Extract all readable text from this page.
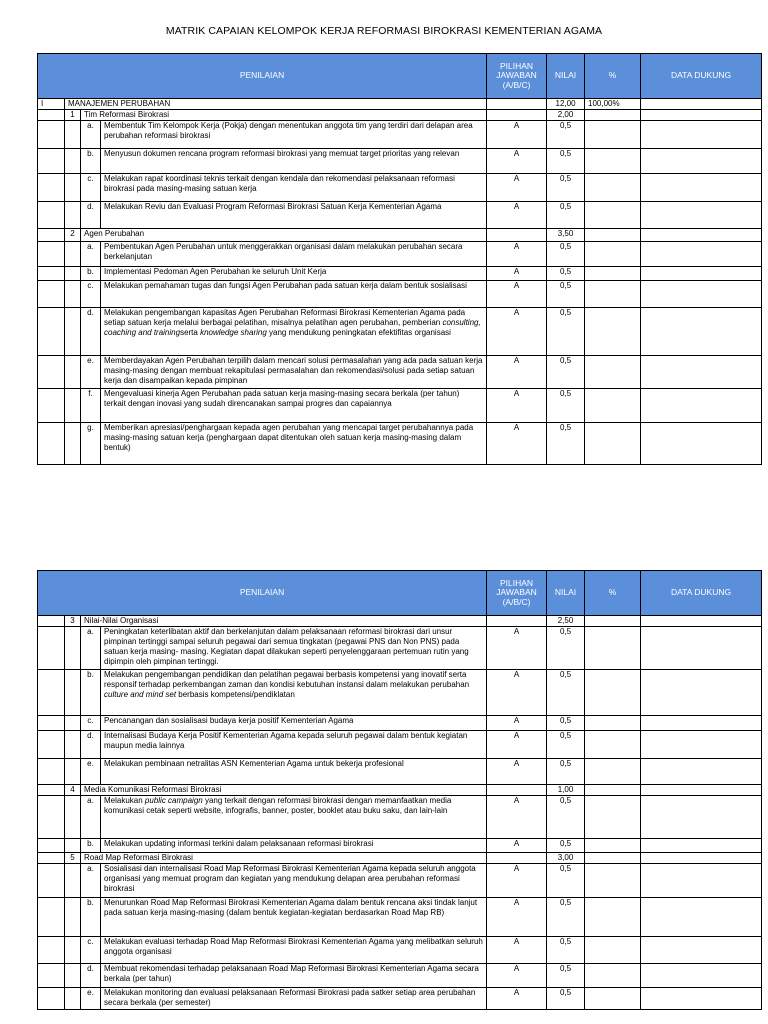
MATRIK CAPAIAN KELOMPOK KERJA REFORMASI BIROKRASI KEMENTERIAN AGAMA
PENILAIAN				PILIHAN JAWABAN (A/B/C)	NILAI	%	DATA DUKUNG
I	MANAJEMEN PERUBAHAN				12,00	100,00%	
	1	Tim Reformasi Birokrasi			2,00		
		a.	Membentuk Tim Kelompok Kerja (Pokja) dengan menentukan anggota tim yang terdiri dari delapan area perubahan reformasi birokrasi	A	0,5		
		b.	Menyusun dokumen rencana program reformasi birokrasi yang memuat target prioritas yang relevan	A	0,5		
		c.	Melakukan rapat koordinasi teknis terkait dengan kendala dan rekomendasi pelaksanaan reformasi birokrasi pada masing-masing satuan kerja	A	0,5		
		d.	Melakukan Reviu dan Evaluasi Program Reformasi Birokrasi Satuan Kerja Kementerian Agama	A	0,5		
	2	Agen Perubahan			3,50		
		a.	Pembentukan Agen Perubahan untuk menggerakkan organisasi dalam melakukan perubahan secara berkelanjutan	A	0,5		
		b.	Implementasi Pedoman Agen Perubahan ke seluruh Unit Kerja	A	0,5		
		c.	Melakukan pemahaman tugas dan fungsi Agen Perubahan pada satuan kerja dalam bentuk sosialisasi	A	0,5		
		d.	Melakukan pengembangan kapasitas Agen Perubahan Reformasi Birokrasi Kementerian Agama pada setiap satuan kerja melalui berbagai pelatihan, misalnya pelatihan agen perubahan, pemberian consulting, coaching and trainingserta knowledge sharing yang mendukung peningkatan efektifitas organisasi	A	0,5		
		e.	Memberdayakan Agen Perubahan terpilih dalam mencari solusi permasalahan yang ada pada satuan kerja masing-masing dengan membuat rekapitulasi permasalahan dan rekomendasi/solusi pada setiap satuan kerja dan disampaikan kepada pimpinan	A	0,5		
		f.	Mengevaluasi kinerja Agen Perubahan pada satuan kerja masing-masing secara berkala (per tahun) terkait dengan inovasi yang sudah direncanakan sampai progres dan capaiannya	A	0,5		
		g.	Memberikan apresiasi/penghargaan kepada agen perubahan yang mencapai target perubahannya pada masing-masing satuan kerja (penghargaan dapat ditentukan oleh satuan kerja masing-masing dalam bentuk)	A	0,5		
PENILAIAN				PILIHAN JAWABAN (A/B/C)	NILAI	%	DATA DUKUNG
	3	Nilai-Nilai Organisasi			2,50		
		a.	Peningkatan keterlibatan aktif dan berkelanjutan dalam pelaksanaan reformasi birokrasi dari unsur pimpinan tertinggi sampai seluruh pegawai dari semua tingkatan (pegawai PNS dan Non PNS) pada satuan kerja masing- masing. Kegiatan dapat dilakukan seperti penyelenggaraan pertemuan rutin yang dipimpin oleh pimpinan tertinggi.	A	0,5		
		b.	Melakukan pengembangan pendidikan dan pelatihan pegawai berbasis kompetensi yang inovatif serta responsif terhadap perkembangan zaman dan kondisi kebutuhan instansi dalam melakukan perubahan culture and mind set berbasis kompetensi/pendiklatan	A	0,5		
		c.	Pencanangan dan sosialisasi budaya kerja positif Kementerian Agama	A	0,5		
		d.	Internalisasi Budaya Kerja Positif Kementerian Agama kepada seluruh pegawai dalam bentuk kegiatan maupun media lainnya	A	0,5		
		e.	Melakukan pembinaan netralitas ASN Kementerian Agama untuk bekerja profesional	A	0,5		
	4	Media Komunikasi Reformasi Birokrasi			1,00		
		a.	Melakukan public campaign yang terkait dengan reformasi birokrasi dengan memanfaatkan media komunikasi cetak seperti website, infografis, banner, poster, booklet atau buku saku, dan lain-lain	A	0,5		
		b.	Melakukan updating informasi terkini dalam pelaksanaan reformasi birokrasi	A	0,5		
	5	Road Map Reformasi Birokrasi			3,00		
		a.	Sosialisasi dan internalisasi Road Map Reformasi Birokrasi Kementerian Agama kepada seluruh anggota organisasi yang memuat program dan kegiatan yang mendukung delapan area perubahan reformasi birokrasi	A	0,5		
		b.	Menurunkan Road Map Reformasi Birokrasi Kementerian Agama dalam bentuk rencana aksi tindak lanjut pada satuan kerja masing-masing (dalam bentuk kegiatan-kegiatan berdasarkan Road Map RB)	A	0,5		
		c.	Melakukan evaluasi terhadap Road Map Reformasi Birokrasi Kementerian Agama yang melibatkan seluruh anggota organisasi	A	0,5		
		d.	Membuat rekomendasi terhadap pelaksanaan Road Map Reformasi Birokrasi Kementerian Agama secara berkala (per tahun)	A	0,5		
		e.	Melakukan monitoring dan evaluasi pelaksanaan Reformasi Birokrasi pada satker setiap area perubahan secara berkala (per semester)	A	0,5		
